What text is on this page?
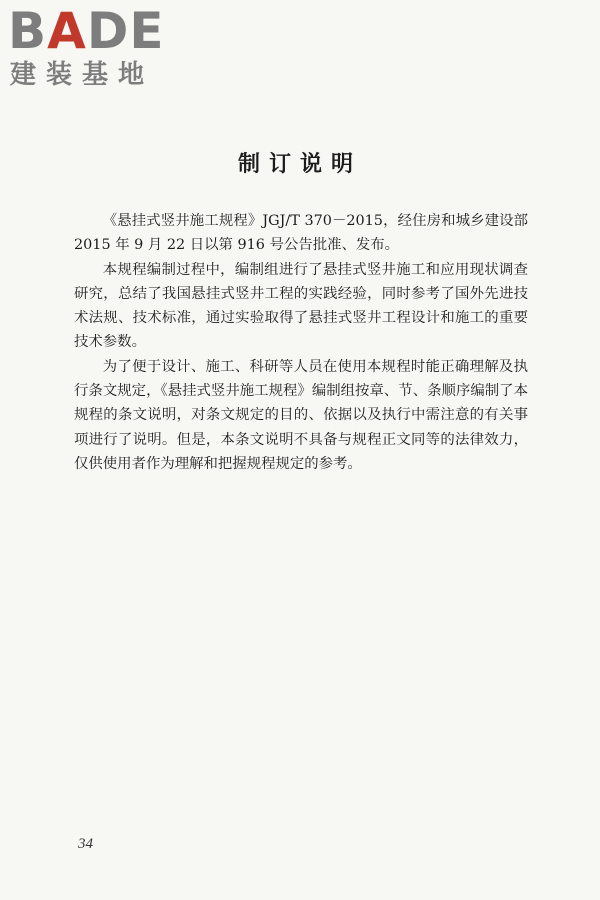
BADE
建装基地
制订说明

《悬挂式竖井施工规程》JGJ/T 370－2015，经住房和城乡建设部 2015 年 9 月 22 日以第 916 号公告批准、发布。

本规程编制过程中，编制组进行了悬挂式竖井施工和应用现状调查研究，总结了我国悬挂式竖井工程的实践经验，同时参考了国外先进技术法规、技术标准，通过实验取得了悬挂式竖井工程设计和施工的重要技术参数。

为了便于设计、施工、科研等人员在使用本规程时能正确理解及执行条文规定，《悬挂式竖井施工规程》编制组按章、节、条顺序编制了本规程的条文说明，对条文规定的目的、依据以及执行中需注意的有关事项进行了说明。但是，本条文说明不具备与规程正文同等的法律效力，仅供使用者作为理解和把握规程规定的参考。

34
